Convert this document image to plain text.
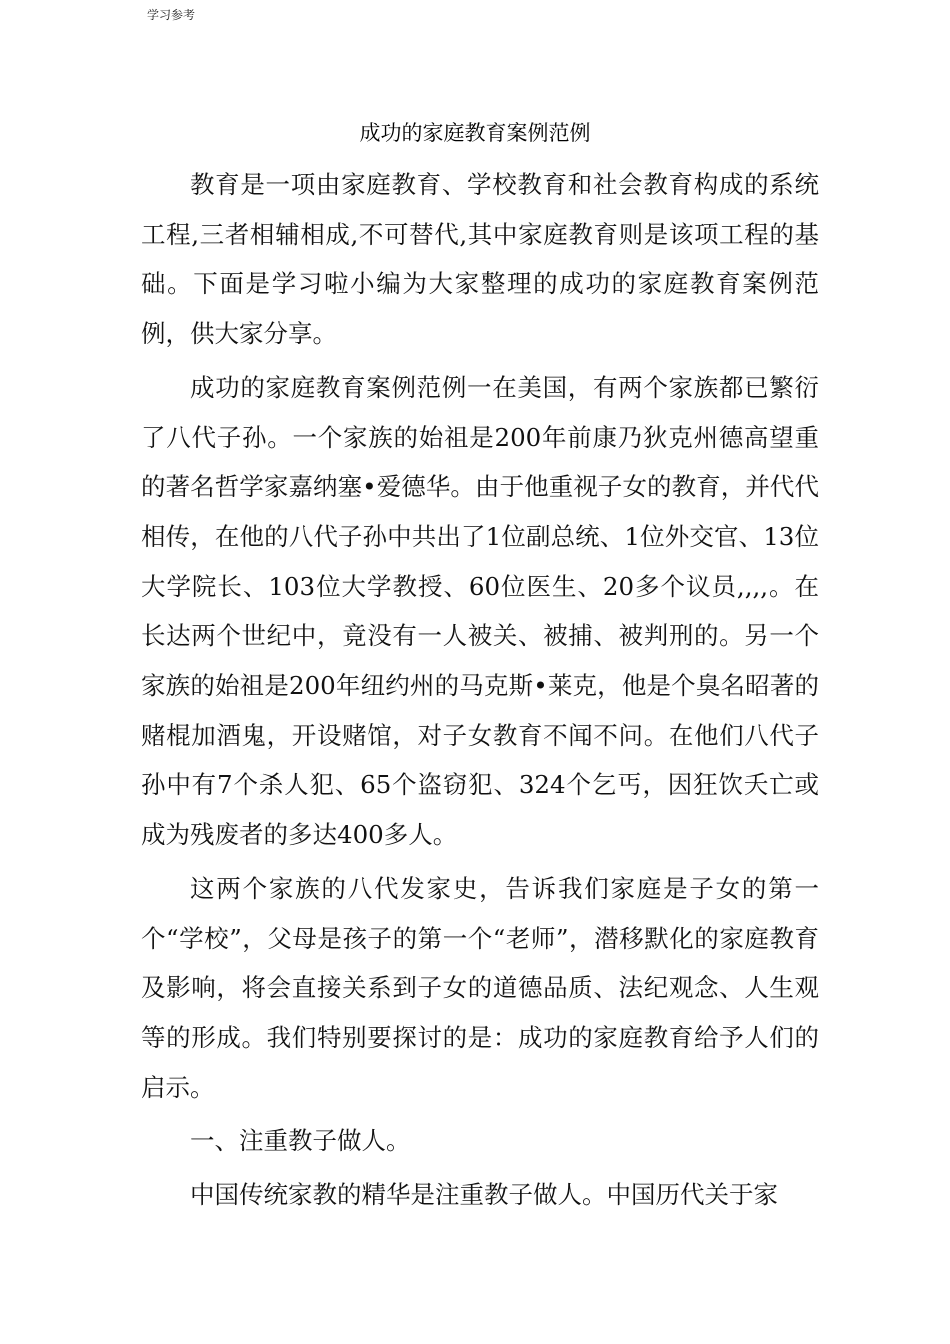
学习参考
成功的家庭教育案例范例

教育是一项由家庭教育、学校教育和社会教育构成的系统工程,三者相辅相成,不可替代,其中家庭教育则是该项工程的基础。下面是学习啦小编为大家整理的成功的家庭教育案例范例，供大家分享。

成功的家庭教育案例范例一在美国，有两个家族都已繁衍了八代子孙。一个家族的始祖是200年前康乃狄克州德高望重的著名哲学家嘉纳塞•爱德华。由于他重视子女的教育，并代代相传，在他的八代子孙中共出了1位副总统、1位外交官、13位大学院长、103位大学教授、60位医生、20多个议员,,,,。在长达两个世纪中，竟没有一人被关、被捕、被判刑的。另一个家族的始祖是200年纽约州的马克斯•莱克，他是个臭名昭著的赌棍加酒鬼，开设赌馆，对子女教育不闻不问。在他们八代子孙中有7个杀人犯、65个盗窃犯、324个乞丐，因狂饮夭亡或成为残废者的多达400多人。

这两个家族的八代发家史，告诉我们家庭是子女的第一个“学校”，父母是孩子的第一个“老师”，潜移默化的家庭教育及影响，将会直接关系到子女的道德品质、法纪观念、人生观等的形成。我们特别要探讨的是：成功的家庭教育给予人们的启示。

一、注重教子做人。

中国传统家教的精华是注重教子做人。中国历代关于家
